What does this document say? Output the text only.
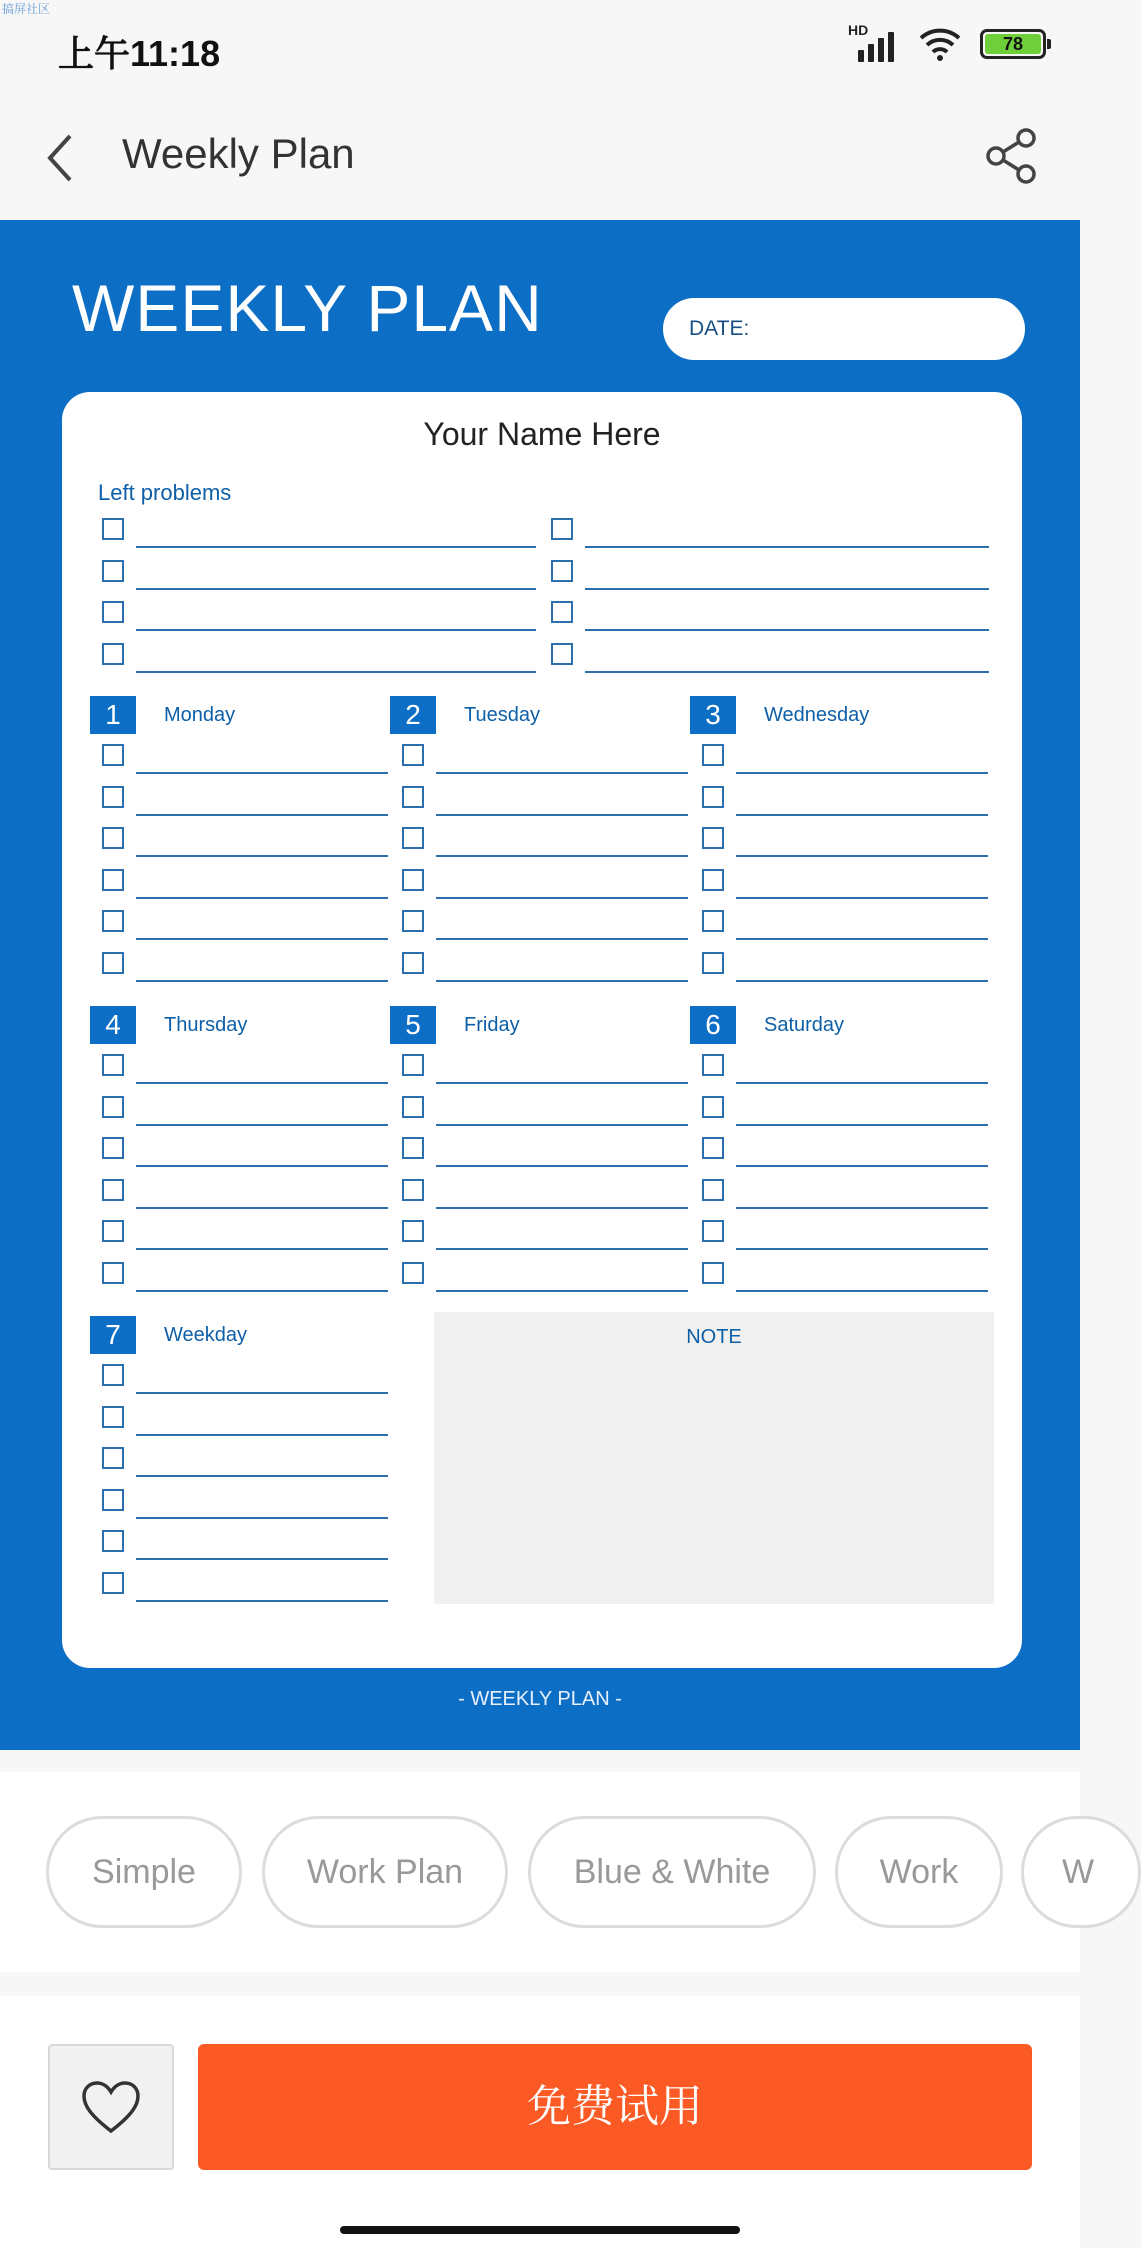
搞屏社区
上午11:18
HD
78
Weekly Plan
WEEKLY PLAN	DATE:
Your Name Here
Left problems
NOTE
1	Monday	2	Tuesday	3	Wednesday
4	Thursday	5	Friday	6	Saturday
7	Weekday
- WEEKLY PLAN -
Simple	Work Plan	Blue & White	Work	W
免费试用
